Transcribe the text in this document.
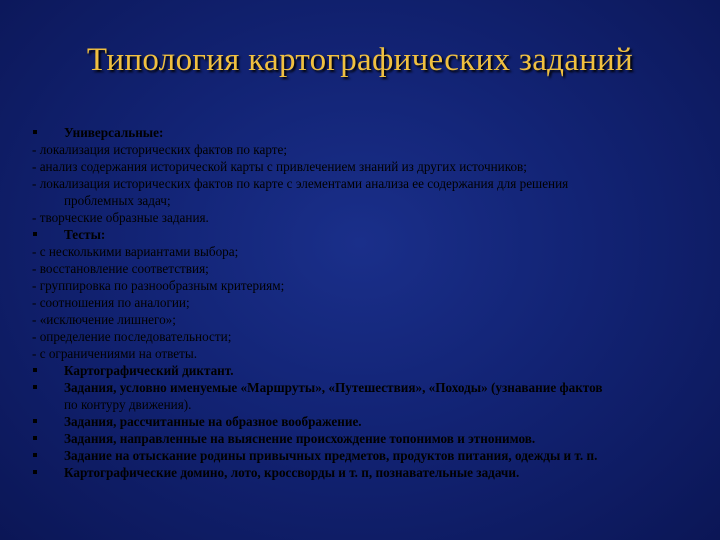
Типология картографических заданий
Универсальные:
- локализация исторических фактов по карте;
- анализ содержания исторической карты с привлечением знаний из других источников;
- локализация исторических фактов по карте с элементами анализа ее содержания для решения
проблемных задач;
- творческие образные задания.
Тесты:
- с несколькими вариантами выбора;
- восстановление соответствия;
- группировка по разнообразным критериям;
- соотношения по аналогии;
- «исключение лишнего»;
- определение последовательности;
- с ограничениями на ответы.
Картографический диктант.
Задания, условно именуемые «Маршруты», «Путешествия», «Походы» (узнавание фактов
по контуру движения).
Задания, рассчитанные на образное воображение.
Задания, направленные на выяснение происхождение топонимов и этнонимов.
Задание на отыскание родины привычных предметов, продуктов питания, одежды и т. п.
Картографические домино, лото, кроссворды и т. п, познавательные задачи.
